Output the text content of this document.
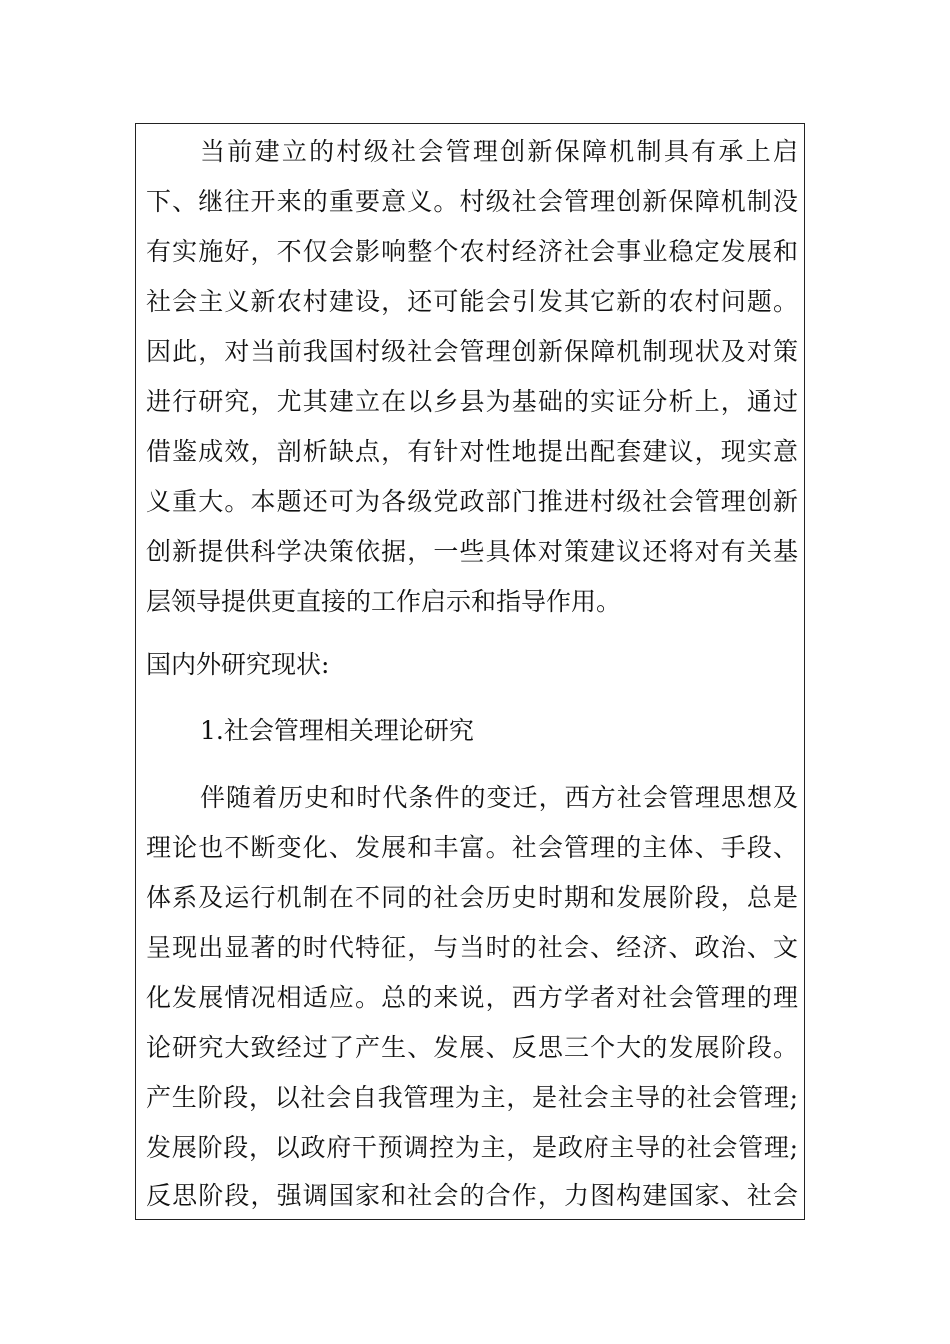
当前建立的村级社会管理创新保障机制具有承上启
下、继往开来的重要意义。村级社会管理创新保障机制没
有实施好，不仅会影响整个农村经济社会事业稳定发展和
社会主义新农村建设，还可能会引发其它新的农村问题。
因此，对当前我国村级社会管理创新保障机制现状及对策
进行研究，尤其建立在以乡县为基础的实证分析上，通过
借鉴成效，剖析缺点，有针对性地提出配套建议，现实意
义重大。本题还可为各级党政部门推进村级社会管理创新
创新提供科学决策依据，一些具体对策建议还将对有关基
层领导提供更直接的工作启示和指导作用。
国内外研究现状:
1.社会管理相关理论研究
伴随着历史和时代条件的变迁，西方社会管理思想及
理论也不断变化、发展和丰富。社会管理的主体、手段、
体系及运行机制在不同的社会历史时期和发展阶段，总是
呈现出显著的时代特征，与当时的社会、经济、政治、文
化发展情况相适应。总的来说，西方学者对社会管理的理
论研究大致经过了产生、发展、反思三个大的发展阶段。
产生阶段，以社会自我管理为主，是社会主导的社会管理;
发展阶段，以政府干预调控为主，是政府主导的社会管理;
反思阶段，强调国家和社会的合作，力图构建国家、社会
